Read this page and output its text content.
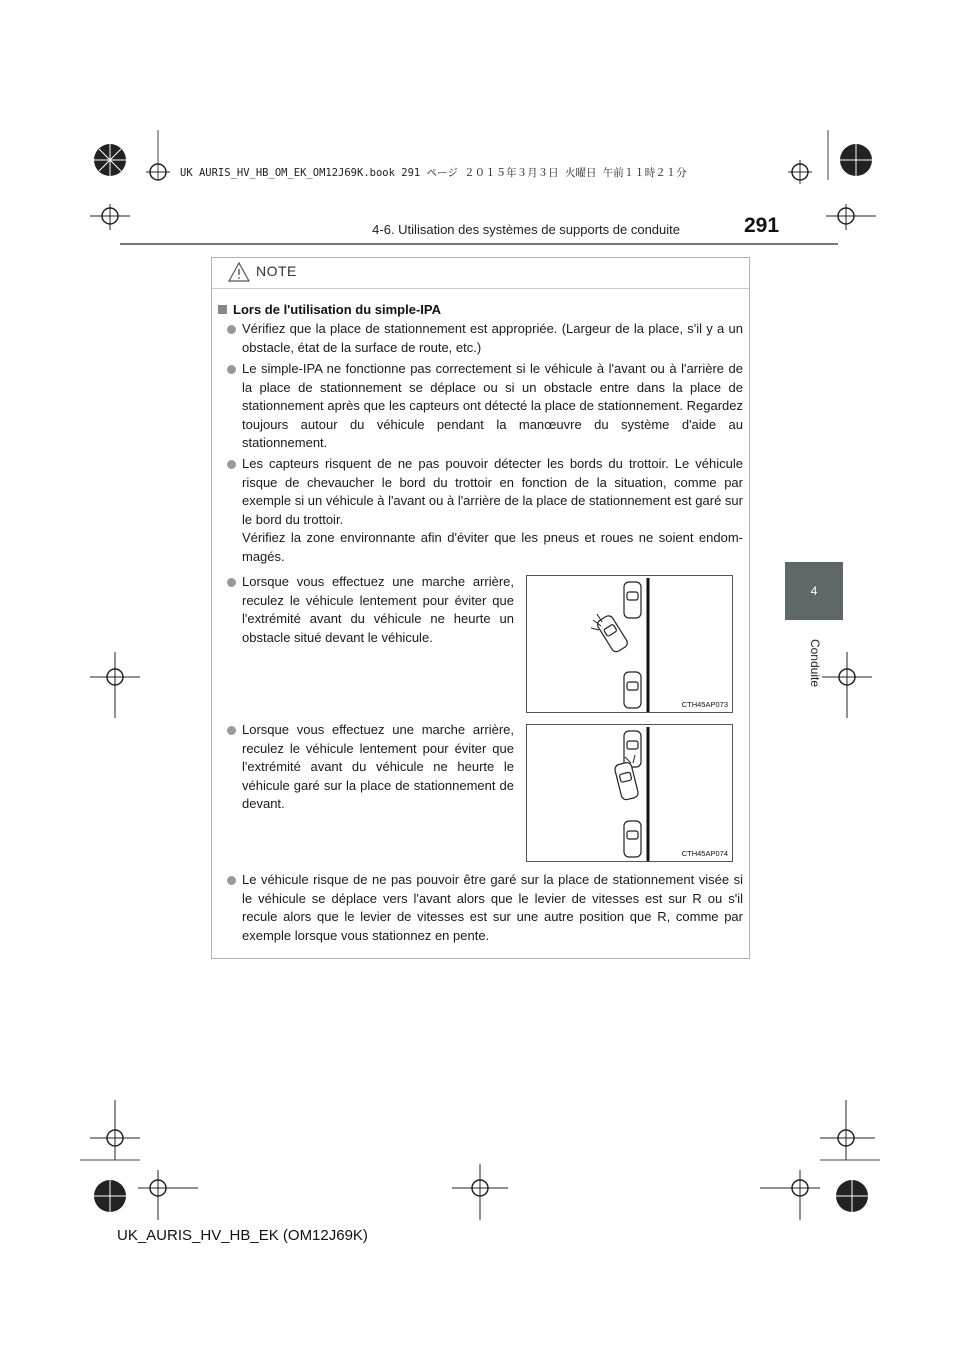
UK AURIS_HV_HB_OM_EK_OM12J69K.book 291 ページ ２０１５年３月３日 火曜日 午前１１時２１分
291
4-6. Utilisation des systèmes de supports de conduite
4
Conduite
NOTE
Lors de l'utilisation du simple-IPA
Vérifiez que la place de stationnement est appropriée. (Largeur de la place, s'il y a un obstacle, état de la surface de route, etc.)
Le simple-IPA ne fonctionne pas correctement si le véhicule à l'avant ou à l'arrière de la place de stationnement se déplace ou si un obstacle entre dans la place de stationnement après que les capteurs ont détecté la place de stationnement. Regardez toujours autour du véhicule pendant la manœuvre du système d'aide au stationnement.
Les capteurs risquent de ne pas pouvoir détecter les bords du trottoir. Le véhicule risque de chevaucher le bord du trottoir en fonction de la situation, comme par exemple si un véhicule à l'avant ou à l'arrière de la place de stationnement est garé sur le bord du trottoir.
Vérifiez la zone environnante afin d'éviter que les pneus et roues ne soient endom-magés.
Lorsque vous effectuez une marche arrière, reculez le véhicule lentement pour éviter que l'extrémité avant du véhicule ne heurte un obstacle situé devant le véhicule.
Lorsque vous effectuez une marche arrière, reculez le véhicule lentement pour éviter que l'extrémité avant du véhicule ne heurte le véhicule garé sur la place de stationnement de devant.
Le véhicule risque de ne pas pouvoir être garé sur la place de stationnement visée si le véhicule se déplace vers l'avant alors que le levier de vitesses est sur R ou s'il recule alors que le levier de vitesses est sur une autre position que R, comme par exemple lorsque vous stationnez en pente.
CTH45AP073
CTH45AP074
UK_AURIS_HV_HB_EK (OM12J69K)
